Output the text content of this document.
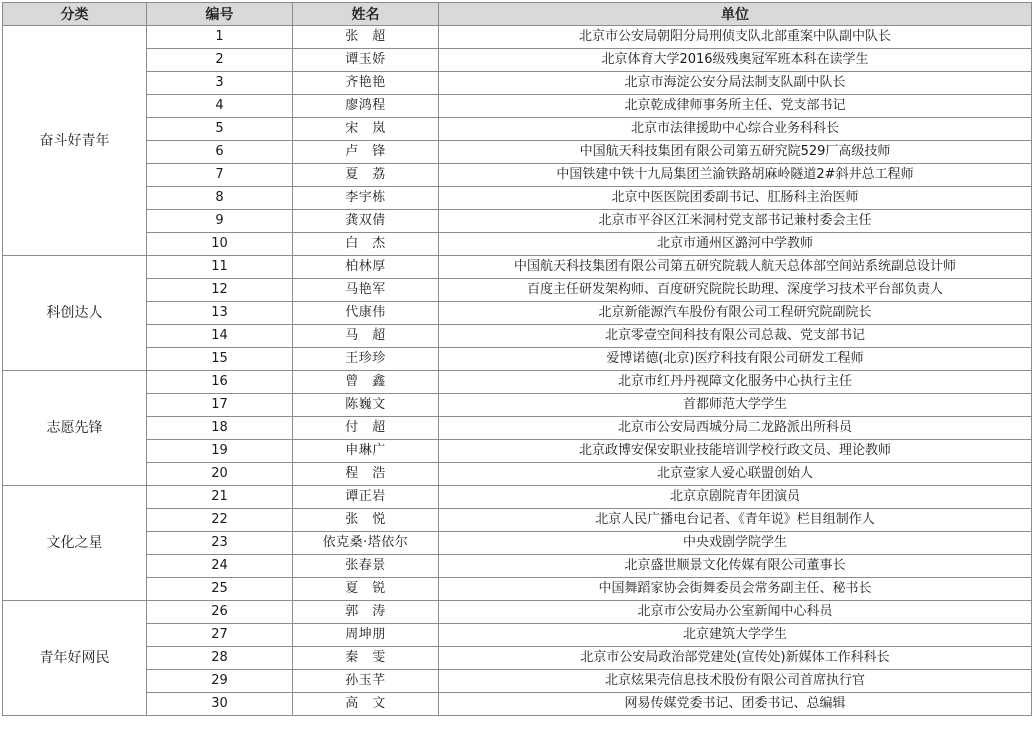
分类	编号	姓名	单位
奋斗好青年	1	张　超	北京市公安局朝阳分局刑侦支队北部重案中队副中队长
	2	谭玉娇	北京体育大学2016级残奥冠军班本科在读学生
	3	齐艳艳	北京市海淀公安分局法制支队副中队长
	4	廖鸿程	北京乾成律师事务所主任、党支部书记
	5	宋　岚	北京市法律援助中心综合业务科科长
	6	卢　锋	中国航天科技集团有限公司第五研究院529厂高级技师
	7	夏　荔	中国铁建中铁十九局集团兰渝铁路胡麻岭隧道2#斜井总工程师
	8	李宇栋	北京中医医院团委副书记、肛肠科主治医师
	9	龚双倩	北京市平谷区江米洞村党支部书记兼村委会主任
	10	白　杰	北京市通州区潞河中学教师
科创达人	11	柏林厚	中国航天科技集团有限公司第五研究院载人航天总体部空间站系统副总设计师
	12	马艳军	百度主任研发架构师、百度研究院院长助理、深度学习技术平台部负责人
	13	代康伟	北京新能源汽车股份有限公司工程研究院副院长
	14	马　超	北京零壹空间科技有限公司总裁、党支部书记
	15	王珍珍	爱博诺德(北京)医疗科技有限公司研发工程师
志愿先锋	16	曾　鑫	北京市红丹丹视障文化服务中心执行主任
	17	陈巍文	首都师范大学学生
	18	付　超	北京市公安局西城分局二龙路派出所科员
	19	申琳广	北京政博安保安职业技能培训学校行政文员、理论教师
	20	程　浩	北京壹家人爱心联盟创始人
文化之星	21	谭正岩	北京京剧院青年团演员
	22	张　悦	北京人民广播电台记者、《青年说》栏目组制作人
	23	依克桑·塔依尔	中央戏剧学院学生
	24	张春景	北京盛世顺景文化传媒有限公司董事长
	25	夏　锐	中国舞蹈家协会街舞委员会常务副主任、秘书长
青年好网民	26	郭　涛	北京市公安局办公室新闻中心科员
	27	周坤朋	北京建筑大学学生
	28	秦　雯	北京市公安局政治部党建处(宣传处)新媒体工作科科长
	29	孙玉芊	北京炫果壳信息技术股份有限公司首席执行官
	30	高　文	网易传媒党委书记、团委书记、总编辑
